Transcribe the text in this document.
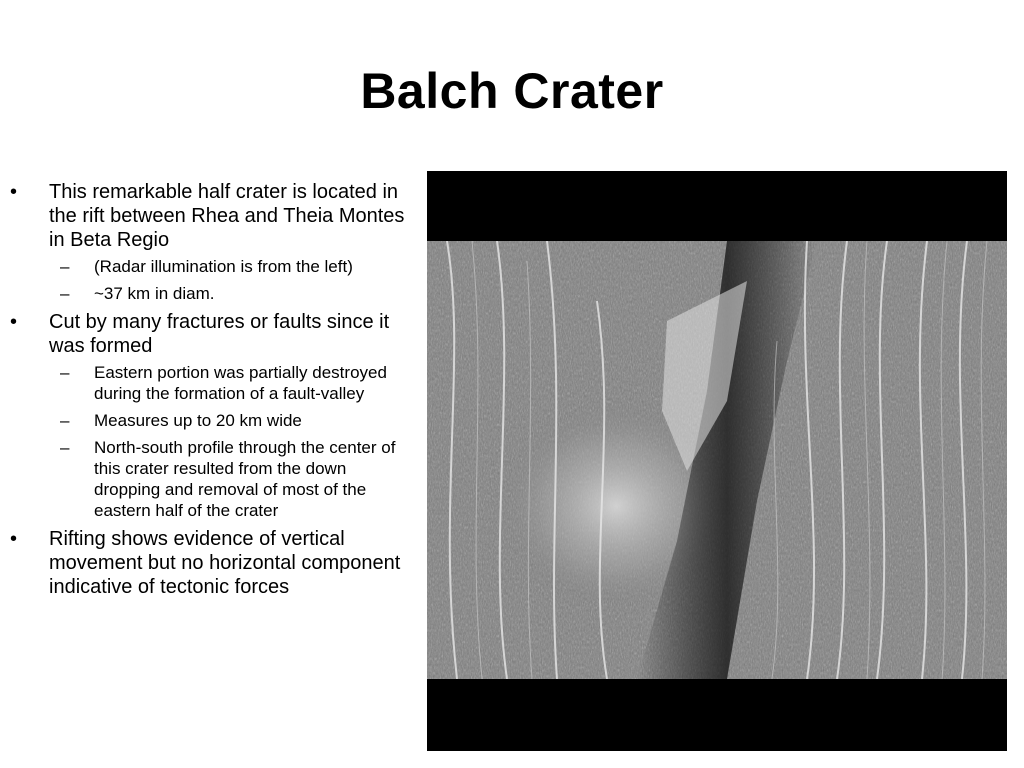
Balch Crater
•	This remarkable half crater is located in the rift between Rhea and Theia Montes in Beta Regio
– (Radar illumination is from the left)
– ~37 km in diam.
•	Cut by many fractures or faults since it was formed
– Eastern portion was partially destroyed during the formation of a fault-valley
– Measures up to 20 km wide
– North-south profile through the center of this crater resulted from the down dropping and removal of most of the eastern half of the crater
•	Rifting shows evidence of vertical movement but no horizontal component indicative of tectonic forces
